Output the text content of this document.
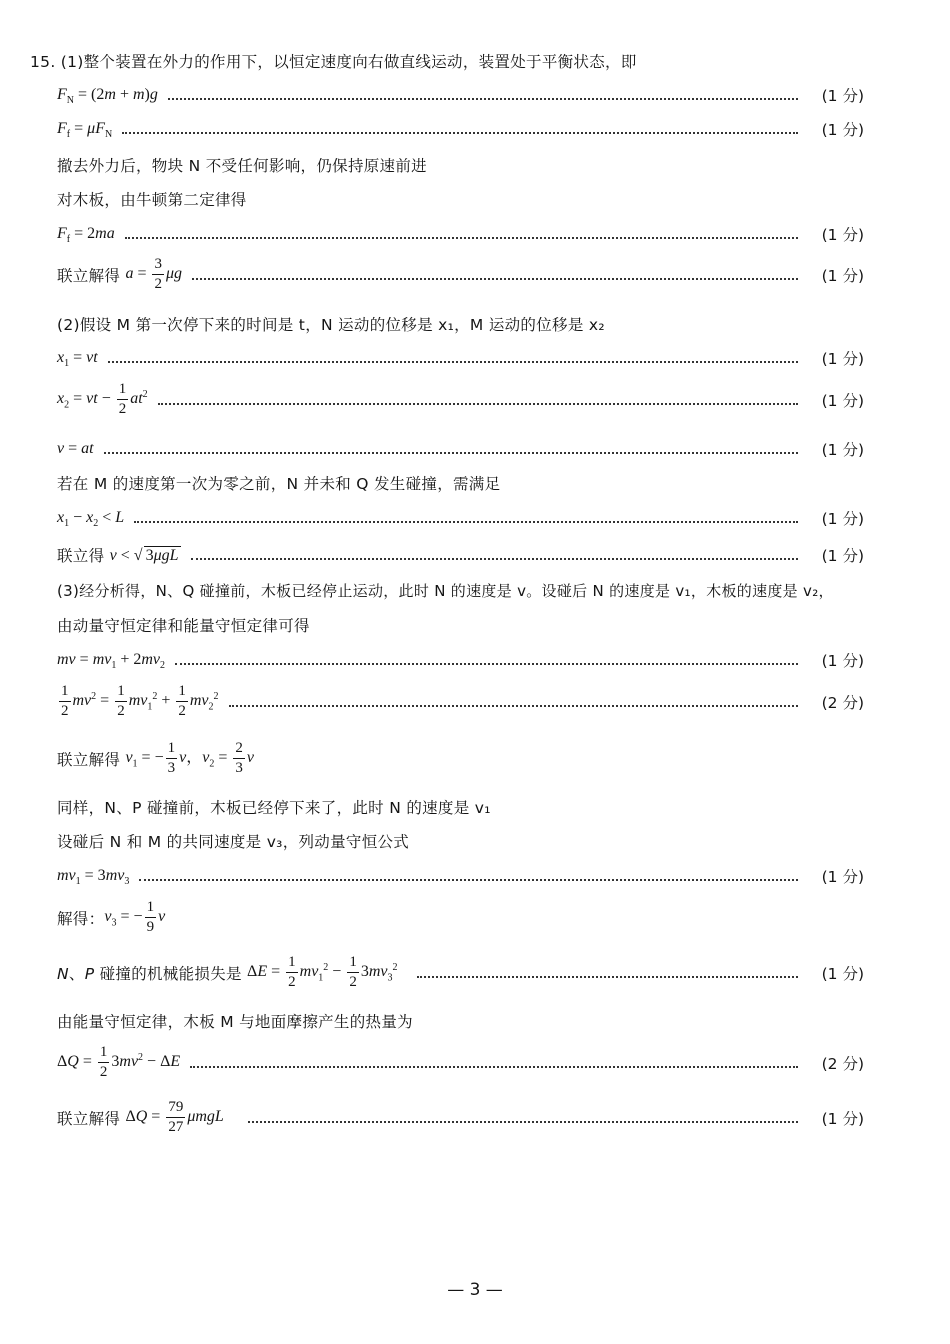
15. (1)整个装置在外力的作用下，以恒定速度向右做直线运动，装置处于平衡状态，即
$F_N = (2m + m)g$	(1 分)
$F_f = \mu F_N$	(1 分)
撤去外力后，物块 N 不受任何影响，仍保持原速前进
对木板，由牛顿第二定律得
$F_f = 2ma$	(1 分)
联立解得 $a = \frac{3}{2}$ μg	(1 分)
(2)假设 M 第一次停下来的时间是 t，N 运动的位移是 x₁，M 运动的位移是 x₂
$x_1$ = vt	(1 分)
$x_2$ = vt − $\frac{1}{2} at^2$	(1 分)
v = at	(1 分)
若在 M 的速度第一次为零之前，N 并未和 Q 发生碰撞，需满足
$x_1 - x_2 < L$	(1 分)
联立得 v < √ 3μgL	(1 分)
(3)经分析得，N、Q 碰撞前，木板已经停止运动，此时 N 的速度是 v。设碰后 N 的速度是 v₁，木板的速度是 v₂，
由动量守恒定律和能量守恒定律可得
mv = $mv_1 + 2mv_2$	(1 分)
$\frac{1}{2} mv^2 = \frac{1}{2} mv_1^2 + \frac{1}{2} mv_2^2$	(2 分)
联立解得 $v_1$ = − $\frac{1}{3}$ v，$v_2 = \frac{2}{3}$ v
同样，N、P 碰撞前，木板已经停下来了，此时 N 的速度是 v₁
设碰后 N 和 M 的共同速度是 v₃，列动量守恒公式
$mv_1 = 3mv_3$	(1 分)
解得： $v_3$ = − $\frac{1}{9}$ v
N、P 碰撞的机械能损失是 $\Delta E = \frac{1}{2} mv_1^2 - \frac{1}{2} 3mv_3^2$	(1 分)
由能量守恒定律，木板 M 与地面摩擦产生的热量为
$\Delta Q = \frac{1}{2} 3mv^2 - \Delta E$	(2 分)
联立解得 $\Delta Q = \frac{79}{27}$ μmgL	(1 分)
— 3 —
